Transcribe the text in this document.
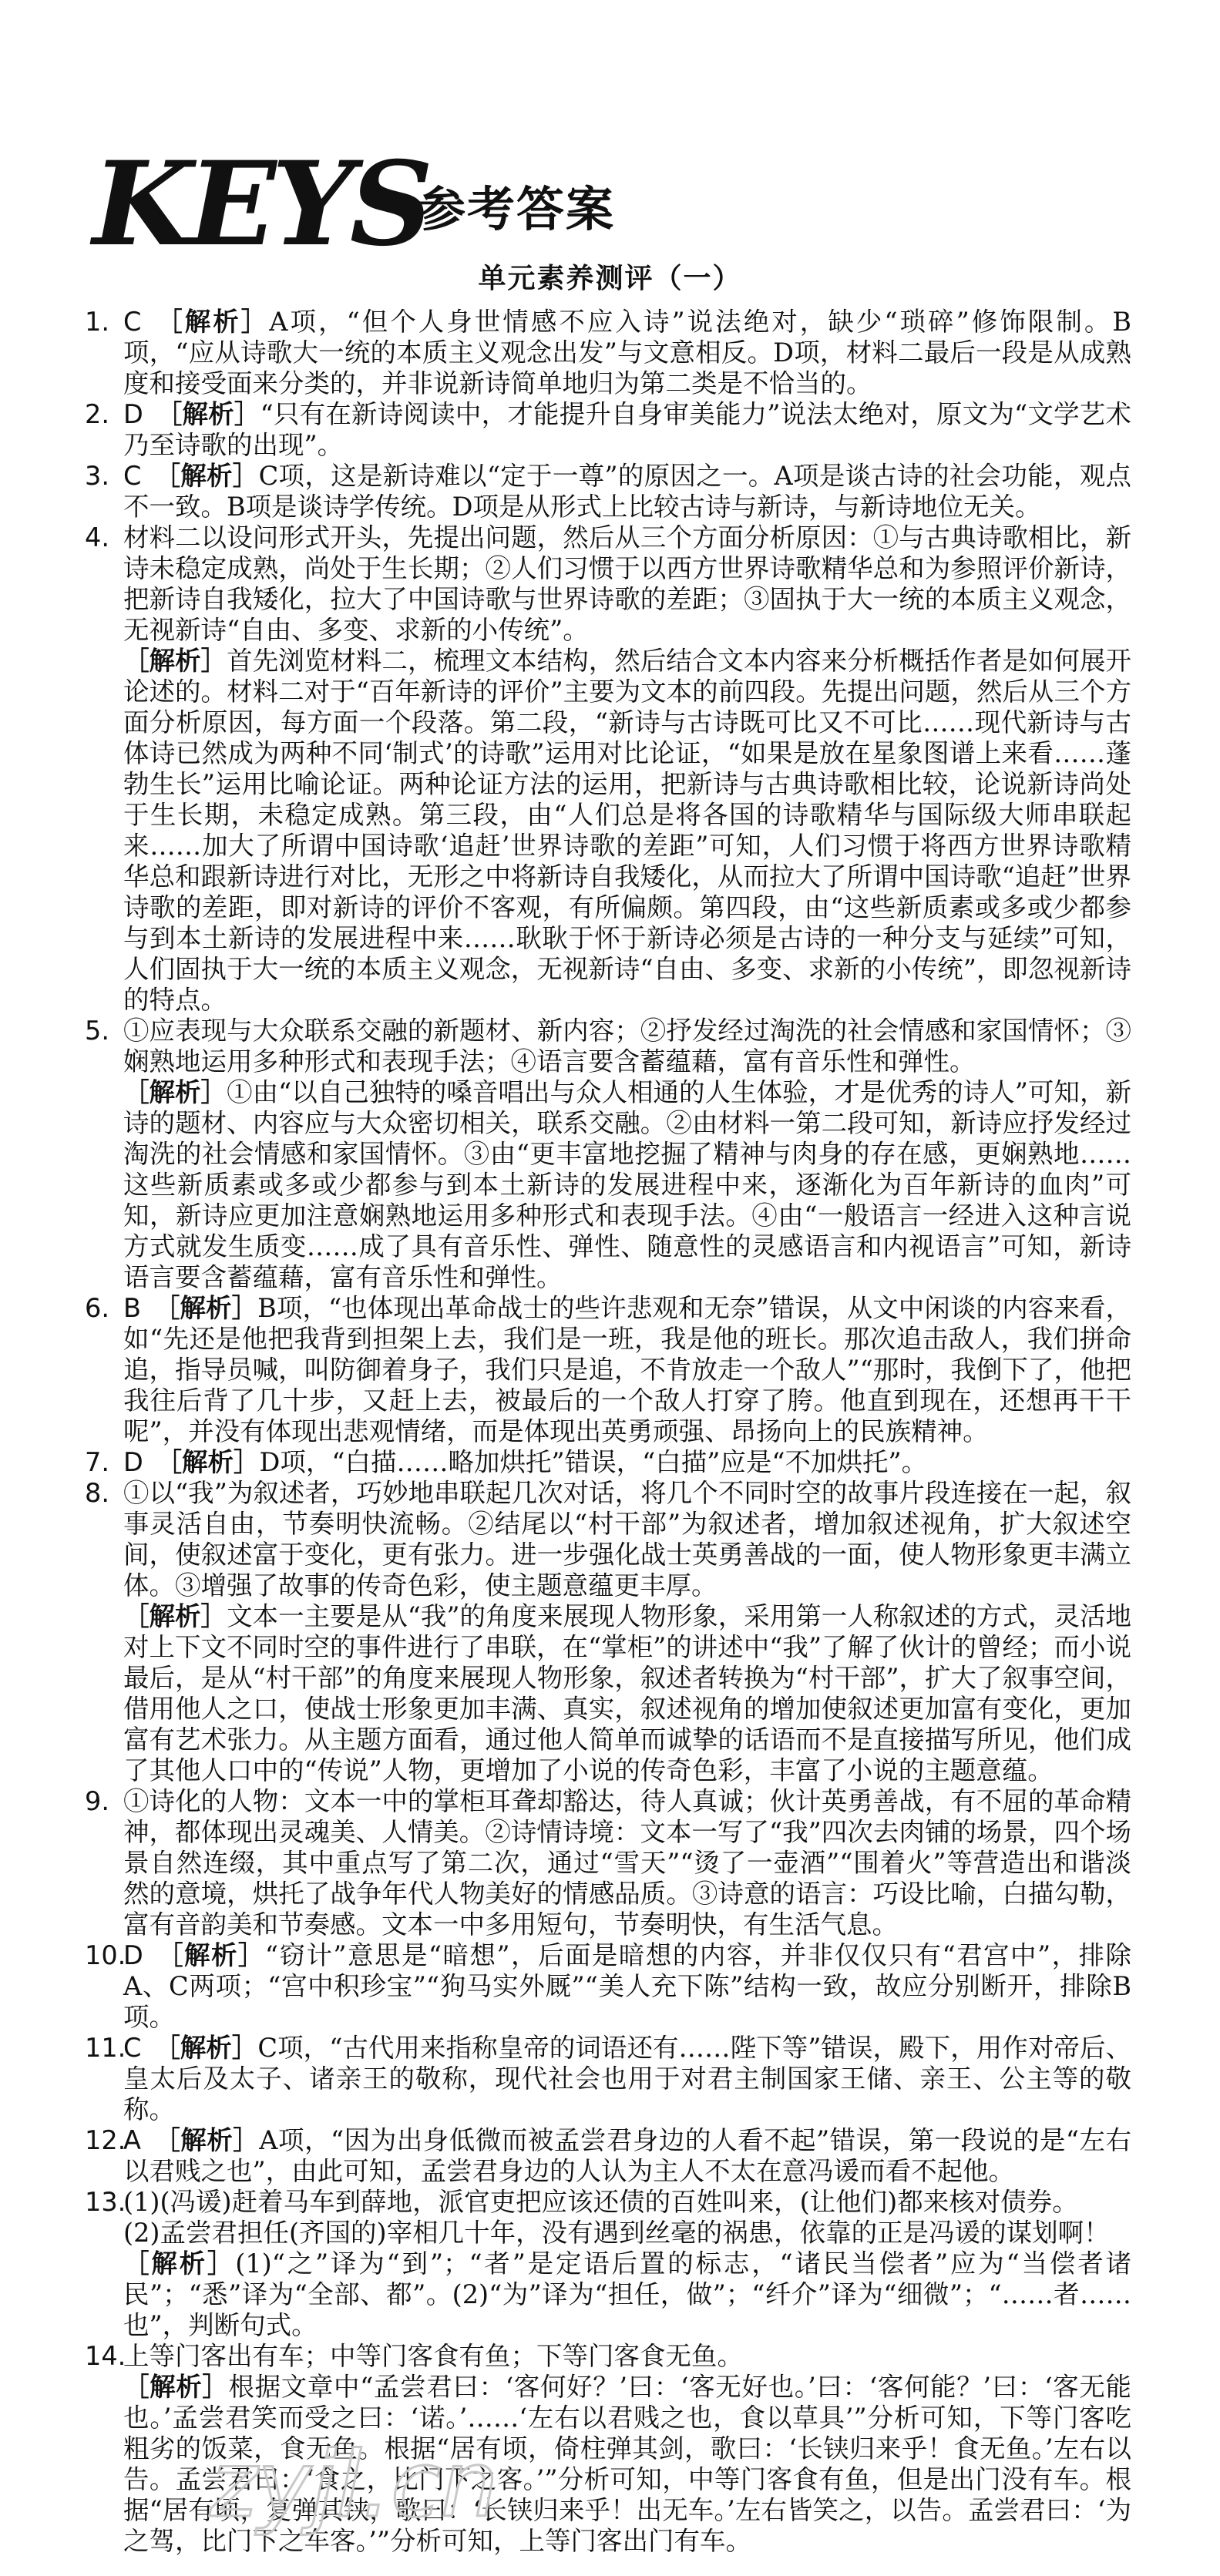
KEYS
参考答案
单元素养测评（一）
1. C  ［解析］A项，“但个人身世情感不应入诗”说法绝对，缺少“琐碎”修饰限制。B项，“应从诗歌大一统的本质主义观念出发”与文意相反。D项，材料二最后一段是从成熟度和接受面来分类的，并非说新诗简单地归为第二类是不恰当的。

2. D  ［解析］“只有在新诗阅读中，才能提升自身审美能力”说法太绝对，原文为“文学艺术乃至诗歌的出现”。

3. C  ［解析］C项，这是新诗难以“定于一尊”的原因之一。A项是谈古诗的社会功能，观点不一致。B项是谈诗学传统。D项是从形式上比较古诗与新诗，与新诗地位无关。

4. 材料二以设问形式开头，先提出问题，然后从三个方面分析原因：①与古典诗歌相比，新诗未稳定成熟，尚处于生长期；②人们习惯于以西方世界诗歌精华总和为参照评价新诗，把新诗自我矮化，拉大了中国诗歌与世界诗歌的差距；③固执于大一统的本质主义观念，无视新诗“自由、多变、求新的小传统”。

［解析］首先浏览材料二，梳理文本结构，然后结合文本内容来分析概括作者是如何展开论述的。材料二对于“百年新诗的评价”主要为文本的前四段。先提出问题，然后从三个方面分析原因，每方面一个段落。第二段，“新诗与古诗既可比又不可比……现代新诗与古体诗已然成为两种不同‘制式’的诗歌”运用对比论证，“如果是放在星象图谱上来看……蓬勃生长”运用比喻论证。两种论证方法的运用，把新诗与古典诗歌相比较，论说新诗尚处于生长期，未稳定成熟。第三段，由“人们总是将各国的诗歌精华与国际级大师串联起来……加大了所谓中国诗歌‘追赶’世界诗歌的差距”可知，人们习惯于将西方世界诗歌精华总和跟新诗进行对比，无形之中将新诗自我矮化，从而拉大了所谓中国诗歌“追赶”世界诗歌的差距，即对新诗的评价不客观，有所偏颇。第四段，由“这些新质素或多或少都参与到本土新诗的发展进程中来……耿耿于怀于新诗必须是古诗的一种分支与延续”可知，人们固执于大一统的本质主义观念，无视新诗“自由、多变、求新的小传统”，即忽视新诗的特点。

5. ①应表现与大众联系交融的新题材、新内容；②抒发经过淘洗的社会情感和家国情怀；③娴熟地运用多种形式和表现手法；④语言要含蓄蕴藉，富有音乐性和弹性。

［解析］①由“以自己独特的嗓音唱出与众人相通的人生体验，才是优秀的诗人”可知，新诗的题材、内容应与大众密切相关，联系交融。②由材料一第二段可知，新诗应抒发经过淘洗的社会情感和家国情怀。③由“更丰富地挖掘了精神与肉身的存在感，更娴熟地……这些新质素或多或少都参与到本土新诗的发展进程中来，逐渐化为百年新诗的血肉”可知，新诗应更加注意娴熟地运用多种形式和表现手法。④由“一般语言一经进入这种言说方式就发生质变……成了具有音乐性、弹性、随意性的灵感语言和内视语言”可知，新诗语言要含蓄蕴藉，富有音乐性和弹性。

6. B  ［解析］B项，“也体现出革命战士的些许悲观和无奈”错误，从文中闲谈的内容来看，如“先还是他把我背到担架上去，我们是一班，我是他的班长。那次追击敌人，我们拼命追，指导员喊，叫防御着身子，我们只是追，不肯放走一个敌人”“那时，我倒下了，他把我往后背了几十步，又赶上去，被最后的一个敌人打穿了胯。他直到现在，还想再干干呢”，并没有体现出悲观情绪，而是体现出英勇顽强、昂扬向上的民族精神。

7. D  ［解析］D项，“白描……略加烘托”错误，“白描”应是“不加烘托”。

8. ①以“我”为叙述者，巧妙地串联起几次对话，将几个不同时空的故事片段连接在一起，叙事灵活自由，节奏明快流畅。②结尾以“村干部”为叙述者，增加叙述视角，扩大叙述空间，使叙述富于变化，更有张力。进一步强化战士英勇善战的一面，使人物形象更丰满立体。③增强了故事的传奇色彩，使主题意蕴更丰厚。

［解析］文本一主要是从“我”的角度来展现人物形象，采用第一人称叙述的方式，灵活地对上下文不同时空的事件进行了串联，在“掌柜”的讲述中“我”了解了伙计的曾经；而小说最后，是从“村干部”的角度来展现人物形象，叙述者转换为“村干部”，扩大了叙事空间，借用他人之口，使战士形象更加丰满、真实，叙述视角的增加使叙述更加富有变化，更加富有艺术张力。从主题方面看，通过他人简单而诚挚的话语而不是直接描写所见，他们成了其他人口中的“传说”人物，更增加了小说的传奇色彩，丰富了小说的主题意蕴。

9. ①诗化的人物：文本一中的掌柜耳聋却豁达，待人真诚；伙计英勇善战，有不屈的革命精神，都体现出灵魂美、人情美。②诗情诗境：文本一写了“我”四次去肉铺的场景，四个场景自然连缀，其中重点写了第二次，通过“雪天”“烫了一壶酒”“围着火”等营造出和谐淡然的意境，烘托了战争年代人物美好的情感品质。③诗意的语言：巧设比喻，白描勾勒，富有音韵美和节奏感。文本一中多用短句，节奏明快，有生活气息。

10.

D  ［解析］“窃计”意思是“暗想”，后面是暗想的内容，并非仅仅只有“君宫中”，排除A、C两项；“宫中积珍宝”“狗马实外厩”“美人充下陈”结构一致，故应分别断开，排除B项。

11.

C  ［解析］C项，“古代用来指称皇帝的词语还有……陛下等”错误，殿下，用作对帝后、皇太后及太子、诸亲王的敬称，现代社会也用于对君主制国家王储、亲王、公主等的敬称。

12.

A  ［解析］A项，“因为出身低微而被孟尝君身边的人看不起”错误，第一段说的是“左右以君贱之也”，由此可知，孟尝君身边的人认为主人不太在意冯谖而看不起他。

13.

(1)(冯谖)赶着马车到薛地，派官吏把应该还债的百姓叫来，(让他们)都来核对债券。

(2)孟尝君担任(齐国的)宰相几十年，没有遇到丝毫的祸患，依靠的正是冯谖的谋划啊！

［解析］(1)“之”译为“到”；“者”是定语后置的标志，“诸民当偿者”应为“当偿者诸民”；“悉”译为“全部、都”。(2)“为”译为“担任，做”；“纤介”译为“细微”；“……者……也”，判断句式。

14.

上等门客出有车；中等门客食有鱼；下等门客食无鱼。

［解析］根据文章中“孟尝君曰：‘客何好？’曰：‘客无好也。’曰：‘客何能？’曰：‘客无能也。’孟尝君笑而受之曰：‘诺。’……‘左右以君贱之也，食以草具’”分析可知，下等门客吃粗劣的饭菜，食无鱼。根据“居有顷，倚柱弹其剑，歌曰：‘长铗归来乎！食无鱼。’左右以告。孟尝君曰：‘食之，比门下之客。’”分析可知，中等门客食有鱼，但是出门没有车。根据“居有顷，复弹其铗，歌曰：‘长铗归来乎！出无车。’左右皆笑之，以告。孟尝君曰：‘为之驾，比门下之车客。’”分析可知，上等门客出门有车。

zyjl.cn
